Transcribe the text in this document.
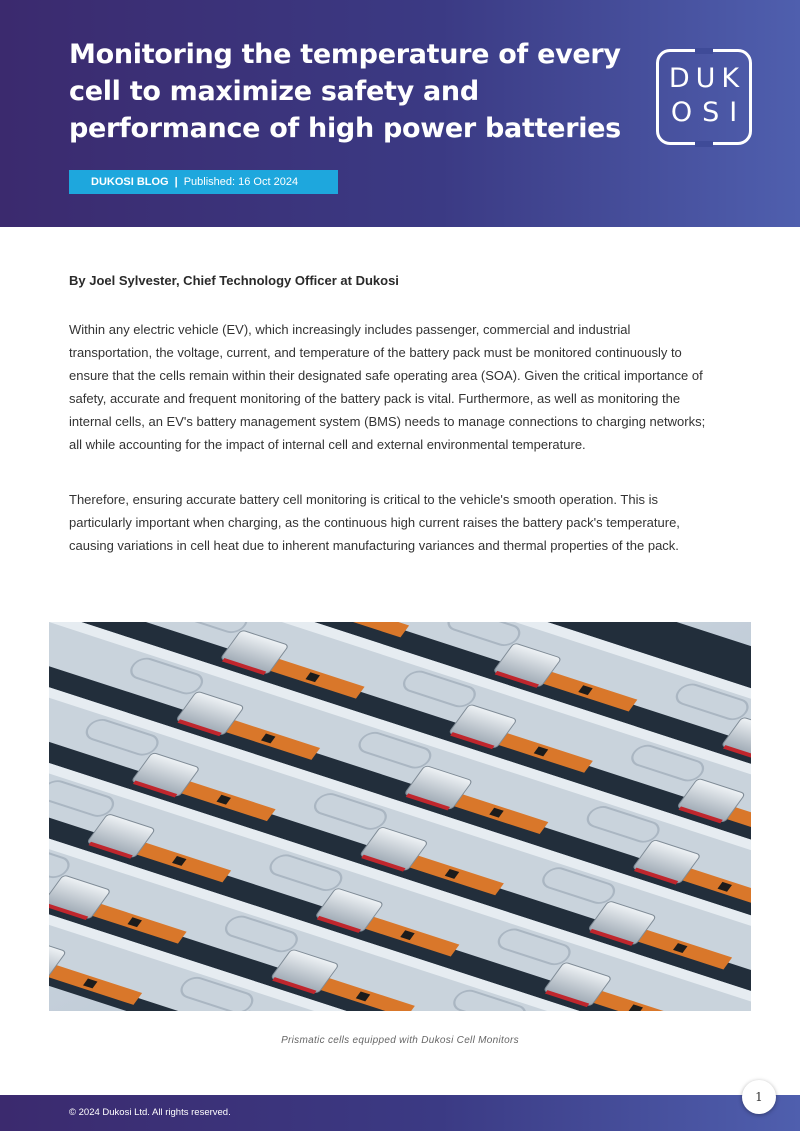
Monitoring the temperature of every cell to maximize safety and performance of high power batteries
DUKOSI BLOG | Published: 16 Oct 2024
DUK
OSI

By Joel Sylvester, Chief Technology Officer at Dukosi

Within any electric vehicle (EV), which increasingly includes passenger, commercial and industrial transportation, the voltage, current, and temperature of the battery pack must be monitored continuously to ensure that the cells remain within their designated safe operating area (SOA). Given the critical importance of safety, accurate and frequent monitoring of the battery pack is vital. Furthermore, as well as monitoring the internal cells, an EV's battery management system (BMS) needs to manage connections to charging networks; all while accounting for the impact of internal cell and external environmental temperature.

Therefore, ensuring accurate battery cell monitoring is critical to the vehicle's smooth operation. This is particularly important when charging, as the continuous high current raises the battery pack's temperature, causing variations in cell heat due to inherent manufacturing variances and thermal properties of the pack.

Prismatic cells equipped with Dukosi Cell Monitors
© 2024 Dukosi Ltd. All rights reserved.
1
